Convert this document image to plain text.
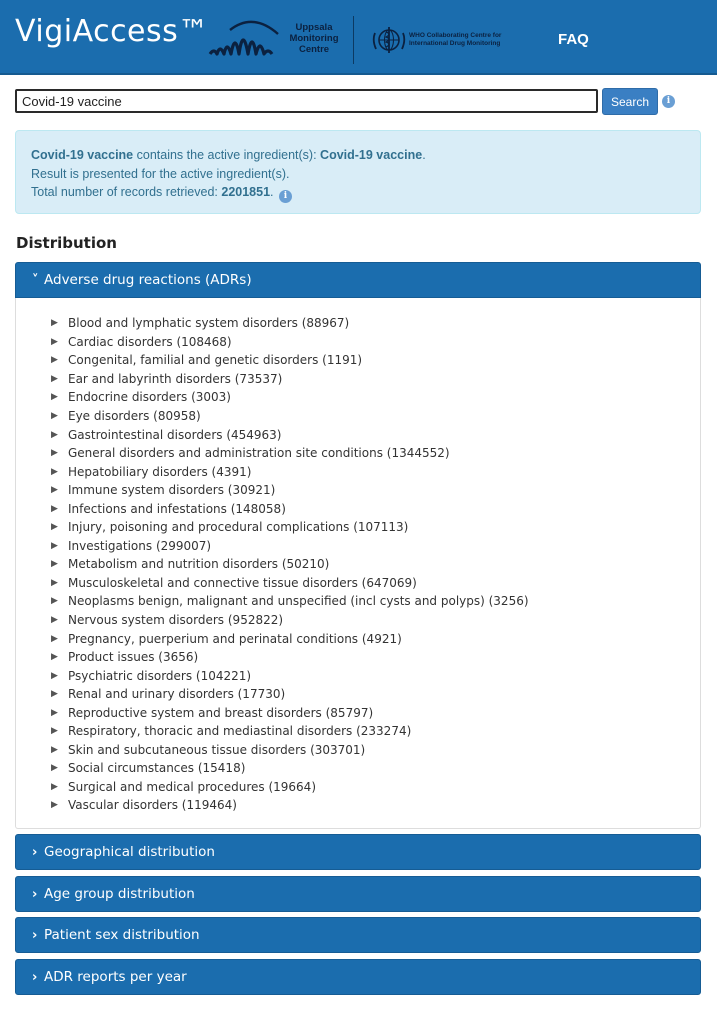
VigiAccess™	Uppsala
Monitoring
Centre
WHO Collaborating Centre for
International Drug Monitoring	FAQ
Covid-19 vaccine
Search	i
Covid-19 vaccine contains the active ingredient(s): Covid-19 vaccine.
Result is presented for the active ingredient(s).
Total number of records retrieved: 2201851. i
Distribution
˅ Adverse drug reactions (ADRs)
▶ Blood and lymphatic system disorders (88967)
▶ Cardiac disorders (108468)
▶ Congenital, familial and genetic disorders (1191)
▶ Ear and labyrinth disorders (73537)
▶ Endocrine disorders (3003)
▶ Eye disorders (80958)
▶ Gastrointestinal disorders (454963)
▶ General disorders and administration site conditions (1344552)
▶ Hepatobiliary disorders (4391)
▶ Immune system disorders (30921)
▶ Infections and infestations (148058)
▶ Injury, poisoning and procedural complications (107113)
▶ Investigations (299007)
▶ Metabolism and nutrition disorders (50210)
▶ Musculoskeletal and connective tissue disorders (647069)
▶ Neoplasms benign, malignant and unspecified (incl cysts and polyps) (3256)
▶ Nervous system disorders (952822)
▶ Pregnancy, puerperium and perinatal conditions (4921)
▶ Product issues (3656)
▶ Psychiatric disorders (104221)
▶ Renal and urinary disorders (17730)
▶ Reproductive system and breast disorders (85797)
▶ Respiratory, thoracic and mediastinal disorders (233274)
▶ Skin and subcutaneous tissue disorders (303701)
▶ Social circumstances (15418)
▶ Surgical and medical procedures (19664)
▶ Vascular disorders (119464)
› Geographical distribution
› Age group distribution
› Patient sex distribution
› ADR reports per year
